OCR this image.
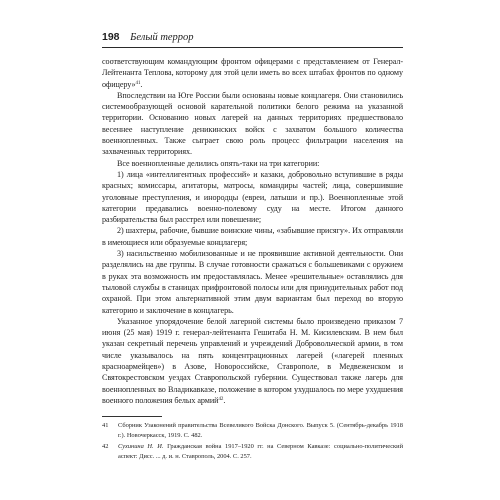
198 Белый террор

соответствующим командующим фронтом офицерами с представлением от Генерал-Лейтенанта Теплова, которому для этой цели иметь во всех штабах фронтов по одному офицеру»$^{41}$.

Впоследствии на Юге России были основаны новые концлагеря. Они становились системообразующей основой карательной политики белого режима на указанной территории. Основанию новых лагерей на данных территориях предшествовало весеннее наступление деникинских войск с захватом большого количества военнопленных. Также сыграет свою роль процесс фильтрации населения на захваченных территориях.

Все военнопленные делились опять-таки на три категории:

1) лица «интеллигентных профессий» и казаки, добровольно вступившие в ряды красных; комиссары, агитаторы, матросы, командиры частей; лица, совершившие уголовные преступления, и инородцы (евреи, латыши и пр.). Военнопленные этой категории предавались военно-полевому суду на месте. Итогом данного разбирательства был расстрел или повешение;

2) шахтеры, рабочие, бывшие воинские чины, «забывшие присягу». Их отправляли в имеющиеся или образуемые концлагеря;

3) насильственно мобилизованные и не проявившие активной деятельности. Они разделялись на две группы. В случае готовности сражаться с большевиками с оружием в руках эта возможность им предоставлялась. Менее «решительные» оставлялись для тыловой службы в станицах прифронтовой полосы или для принудительных работ под охраной. При этом альтернативной этим двум вариантам был переход во вторую категорию и заключение в концлагерь.

Указанное упорядочение белой лагерной системы было произведено приказом 7 июня (25 мая) 1919 г. генерал-лейтенанта Гешитаба Н. М. Кисилевским. В нем был указан секретный перечень управлений и учреждений Добровольческой армии, в том числе указывалось на пять концентрационных лагерей («лагерей пленных красноармейцев») в Азове, Новороссийске, Ставрополе, в Медвеженском и Святокрестовском уездах Ставропольской губернии. Существовал также лагерь для военнопленных во Владикавказе, положение в котором ухудшалось по мере ухудшения военного положения белых армий$^{42}$.

41 Сборник Узаконений правительства Всевеликого Войска Донского. Выпуск 5. (Сентябрь-декабрь 1918 г.). Новочеркасск, 1919. С. 482.
42 Сухинина Н. И. Гражданская война 1917–1920 гг. на Северном Кавказе: социально-политический аспект: Дисс. ... д. и. н. Ставрополь, 2004. С. 257.
